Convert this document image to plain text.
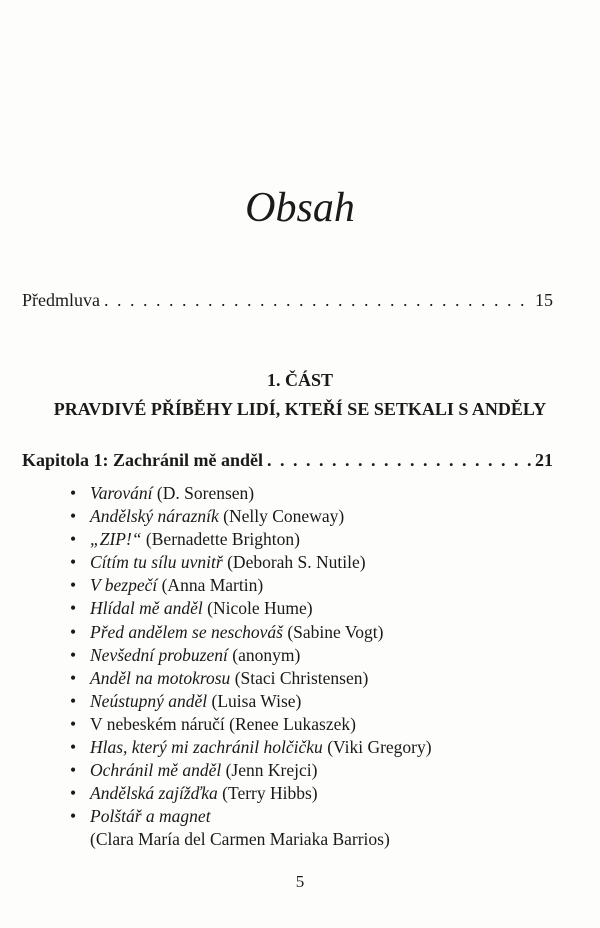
Obsah
Předmluva . . .	15
1. ČÁST
PRAVDIVÉ PŘÍBĚHY LIDÍ, KTEŘÍ SE SETKALI S ANDĚLY
Kapitola 1: Zachránil mě anděl . . .	21
• Varování (D. Sorensen)
• Andělský nárazník (Nelly Coneway)
• „ZIP!“ (Bernadette Brighton)
• Cítím tu sílu uvnitř (Deborah S. Nutile)
• V bezpečí (Anna Martin)
• Hlídal mě anděl (Nicole Hume)
• Před andělem se neschováš (Sabine Vogt)
• Nevšední probuzení (anonym)
• Anděl na motokrosu (Staci Christensen)
• Neústupný anděl (Luisa Wise)
• V nebeském náručí (Renee Lukaszek)
• Hlas, který mi zachránil holčičku (Viki Gregory)
• Ochránil mě anděl (Jenn Krejci)
• Andělská zajížďka (Terry Hibbs)
• Polštář a magnet
(Clara María del Carmen Mariaka Barrios)
5
